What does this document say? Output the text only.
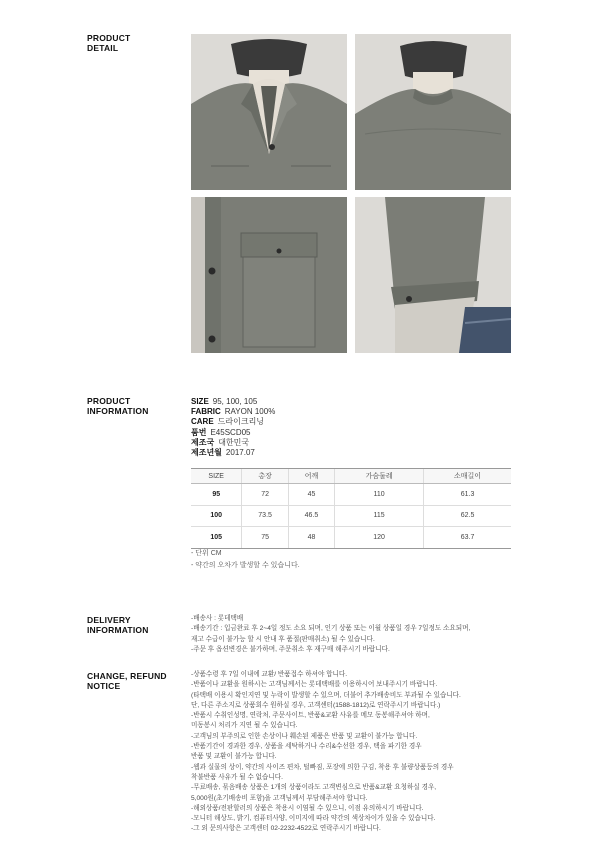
PRODUCT
DETAIL
PRODUCT
INFORMATION
SIZE 95, 100, 105
FABRIC RAYON 100%
CARE 드라이크리닝
품번 E45SCD05
제조국 대한민국
제조년월 2017.07
SIZE	총장	어깨	가슴둘레	소매길이
95	72	45	110	61.3
100	73.5	46.5	115	62.5
105	75	48	120	63.7
- 단위 CM
- 약간의 오차가 발생할 수 있습니다.
DELIVERY
INFORMATION
-배송사 : 롯데택배
-배송기간 : 입금완료 후 2~4일 정도 소요 되며, 인기 상품 또는 이월 상품일 경우 7일정도 소요되며,
재고 수급이 불가능 할 시 안내 후 품절(판매취소) 될 수 있습니다.
-주문 후 옵션변경은 불가하며, 주문취소 후 재구매 해주시기 바랍니다.
CHANGE, REFUND
NOTICE
-상품수령 후 7일 이내에 교환/ 반품접수 하셔야 합니다.
-반품이나 교환을 원하시는 고객님께서는 롯데택배를 이용하시어 보내주시기 바랍니다.
(타택배 이용시 확인지연 및 누락이 발생할 수 있으며, 더불어 추가배송비도 부과될 수 있습니다.
단, 다른 주소지로 상품회수 원하실 경우, 고객센터(1588-1812)로 연락주시기 바랍니다.)
-반품시 수취인성명, 연락처, 주문사이트, 반품&교환 사유를 메모 동봉해주셔야 하며,
미동봉시 처리가 지연 될 수 있습니다.
-고객님의 부주의로 인한 손상이나 훼손된 제품은 반품 및 교환이 불가능 합니다.
-반품기간이 경과한 경우, 상품을 세탁하거나 수리&수선한 경우, 택을 파기한 경우
반품 및 교환이 불가능 합니다.
-웹과 실물의 상이, 약간의 사이즈 편차, 털빠짐, 포장에 의한 구김, 착용 후 불량상품등의 경우
착불반품 사유가 될 수 없습니다.
-무료배송, 묶음배송 상품은 1개의 상품이라도 고객변심으로 반품&교환 요청하실 경우,
5,000원(초기배송비 포함)을 고객님께서 부담해주셔야 합니다.
-해외상품/전판할러의 상품은 착용시 이염될 수 있으니, 이점 유의하시기 바랍니다.
-모니터 해상도, 밝기, 컴퓨터사양, 이미지에 따라 약간의 색상차이가 있을 수 있습니다.
-그 외 문의사항은 고객센터 02-2232-4522로 연락주시기 바랍니다.
